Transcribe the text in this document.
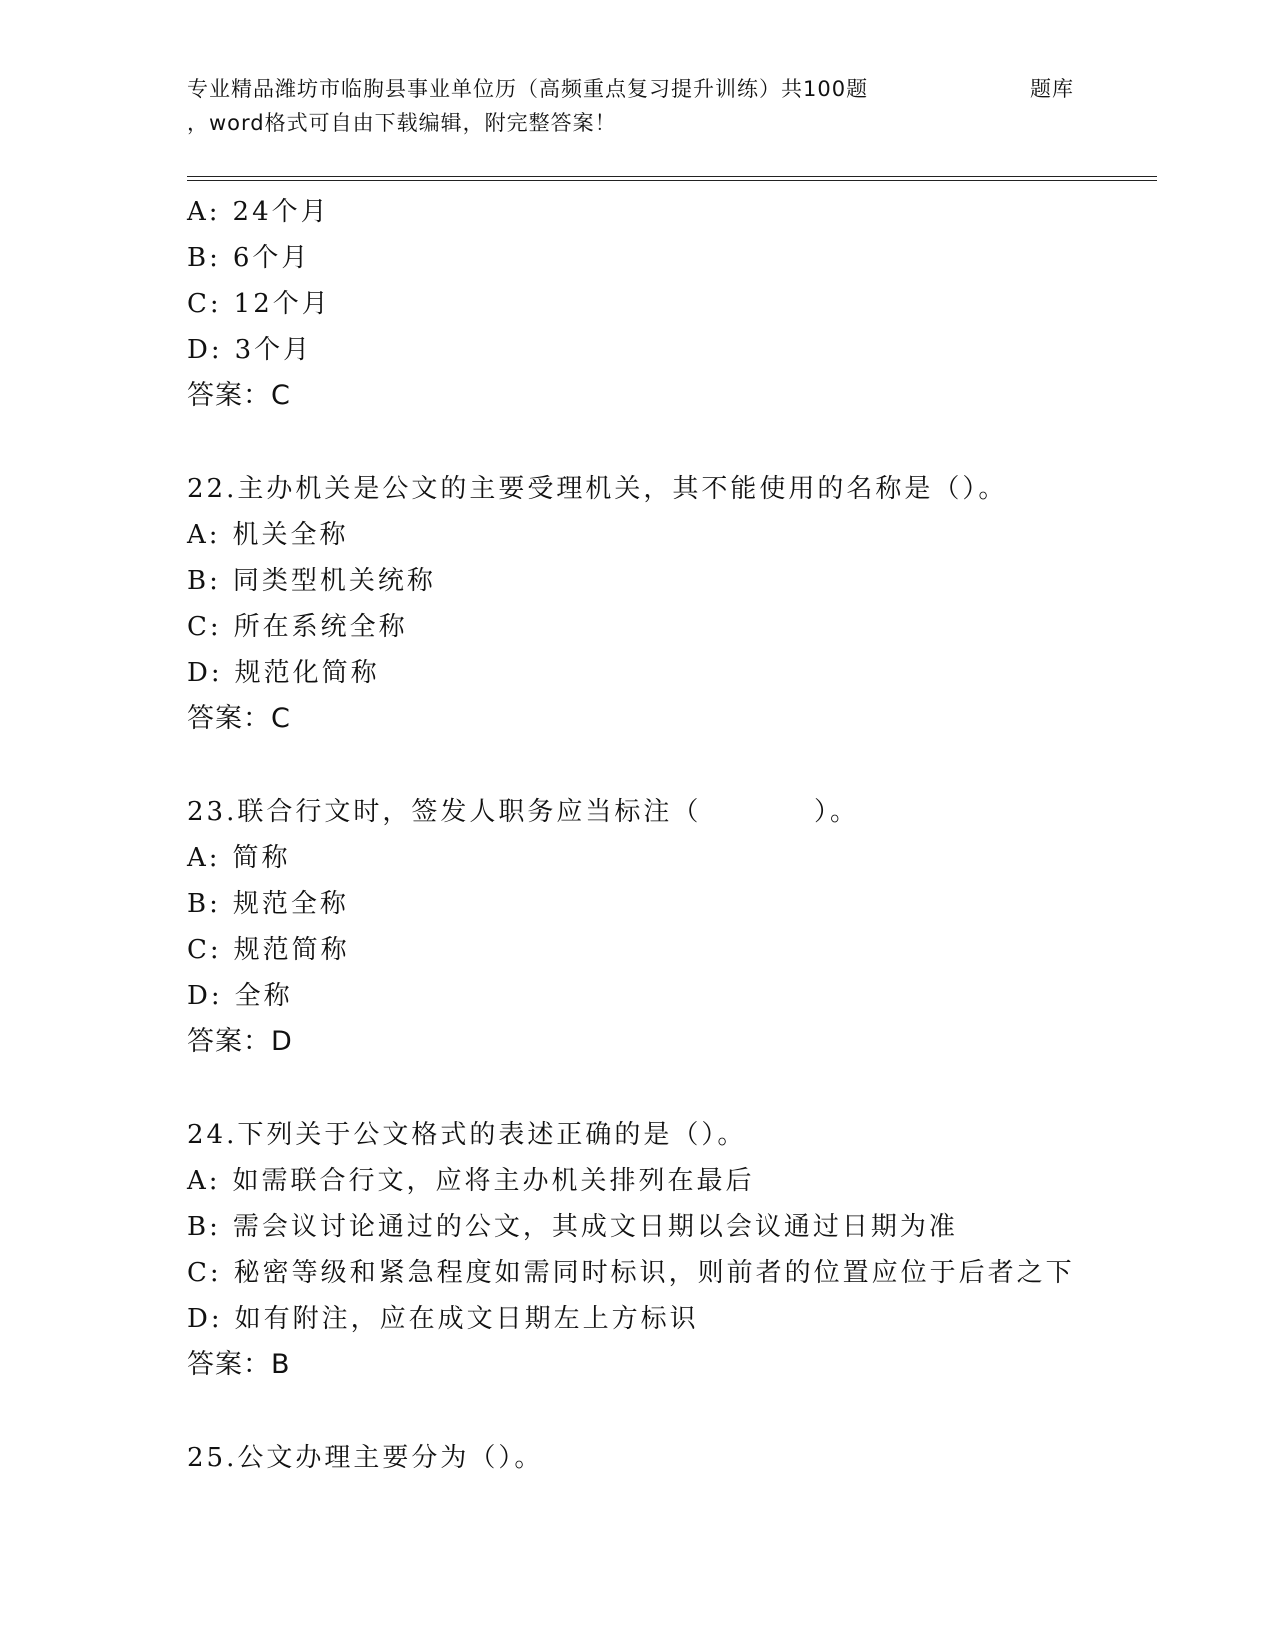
专业精品潍坊市临朐县事业单位历（高频重点复习提升训练）共100题	题库
，word格式可自由下载编辑，附完整答案！
A: 24个月
B: 6个月
C: 12个月
D: 3个月
答案：C
22.主办机关是公文的主要受理机关，其不能使用的名称是（）。
A: 机关全称
B: 同类型机关统称
C: 所在系统全称
D: 规范化简称
答案：C
23.联合行文时，签发人职务应当标注（          ）。
A: 简称
B: 规范全称
C: 规范简称
D: 全称
答案：D
24.下列关于公文格式的表述正确的是（）。
A: 如需联合行文，应将主办机关排列在最后
B: 需会议讨论通过的公文，其成文日期以会议通过日期为准
C: 秘密等级和紧急程度如需同时标识，则前者的位置应位于后者之下
D: 如有附注，应在成文日期左上方标识
答案：B
25.公文办理主要分为（）。
